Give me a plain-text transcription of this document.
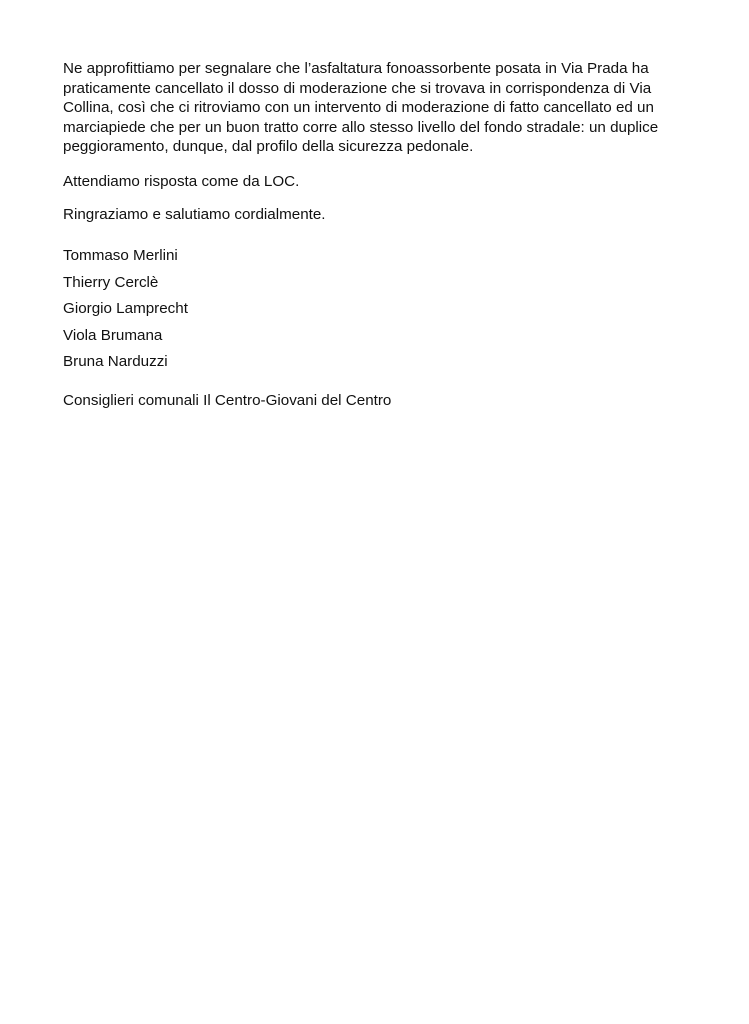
Ne approfittiamo per segnalare che l’asfaltatura fonoassorbente posata in Via Prada ha

praticamente cancellato il dosso di moderazione che si trovava in corrispondenza di Via

Collina, così che ci ritroviamo con un intervento di moderazione di fatto cancellato ed un

marciapiede che per un buon tratto corre allo stesso livello del fondo stradale: un duplice

peggioramento, dunque, dal profilo della sicurezza pedonale.

Attendiamo risposta come da LOC.

Ringraziamo e salutiamo cordialmente.

Tommaso Merlini

Thierry Cerclè

Giorgio Lamprecht

Viola Brumana

Bruna Narduzzi

Consiglieri comunali Il Centro-Giovani del Centro
